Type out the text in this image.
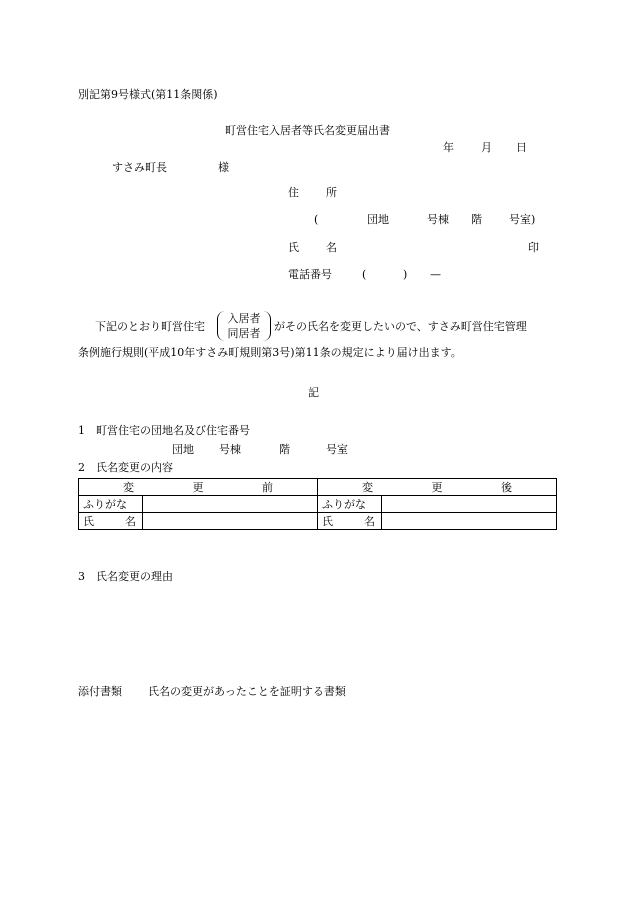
別記第9号様式(第11条関係)
町営住宅入居者等氏名変更届出書
年 月 日
すさみ町長	様
住 所
(	団地	号棟 階 号室)
氏 名	印
電話番号	(	) —
下記のとおり町営住宅
入居者
同居者
がその氏名を変更したいので、すさみ町営住宅管理
条例施行規則(平成10年すさみ町規則第3号)第11条の規定により届け出ます。
記
1　町営住宅の団地名及び住宅番号
団地 号棟	階	号室
2　氏名変更の内容
変 更 前		変 更 後	

ふりがな		ふりがな	

氏 名		氏 名	

3　氏名変更の理由
添付書類 氏名の変更があったことを証明する書類
